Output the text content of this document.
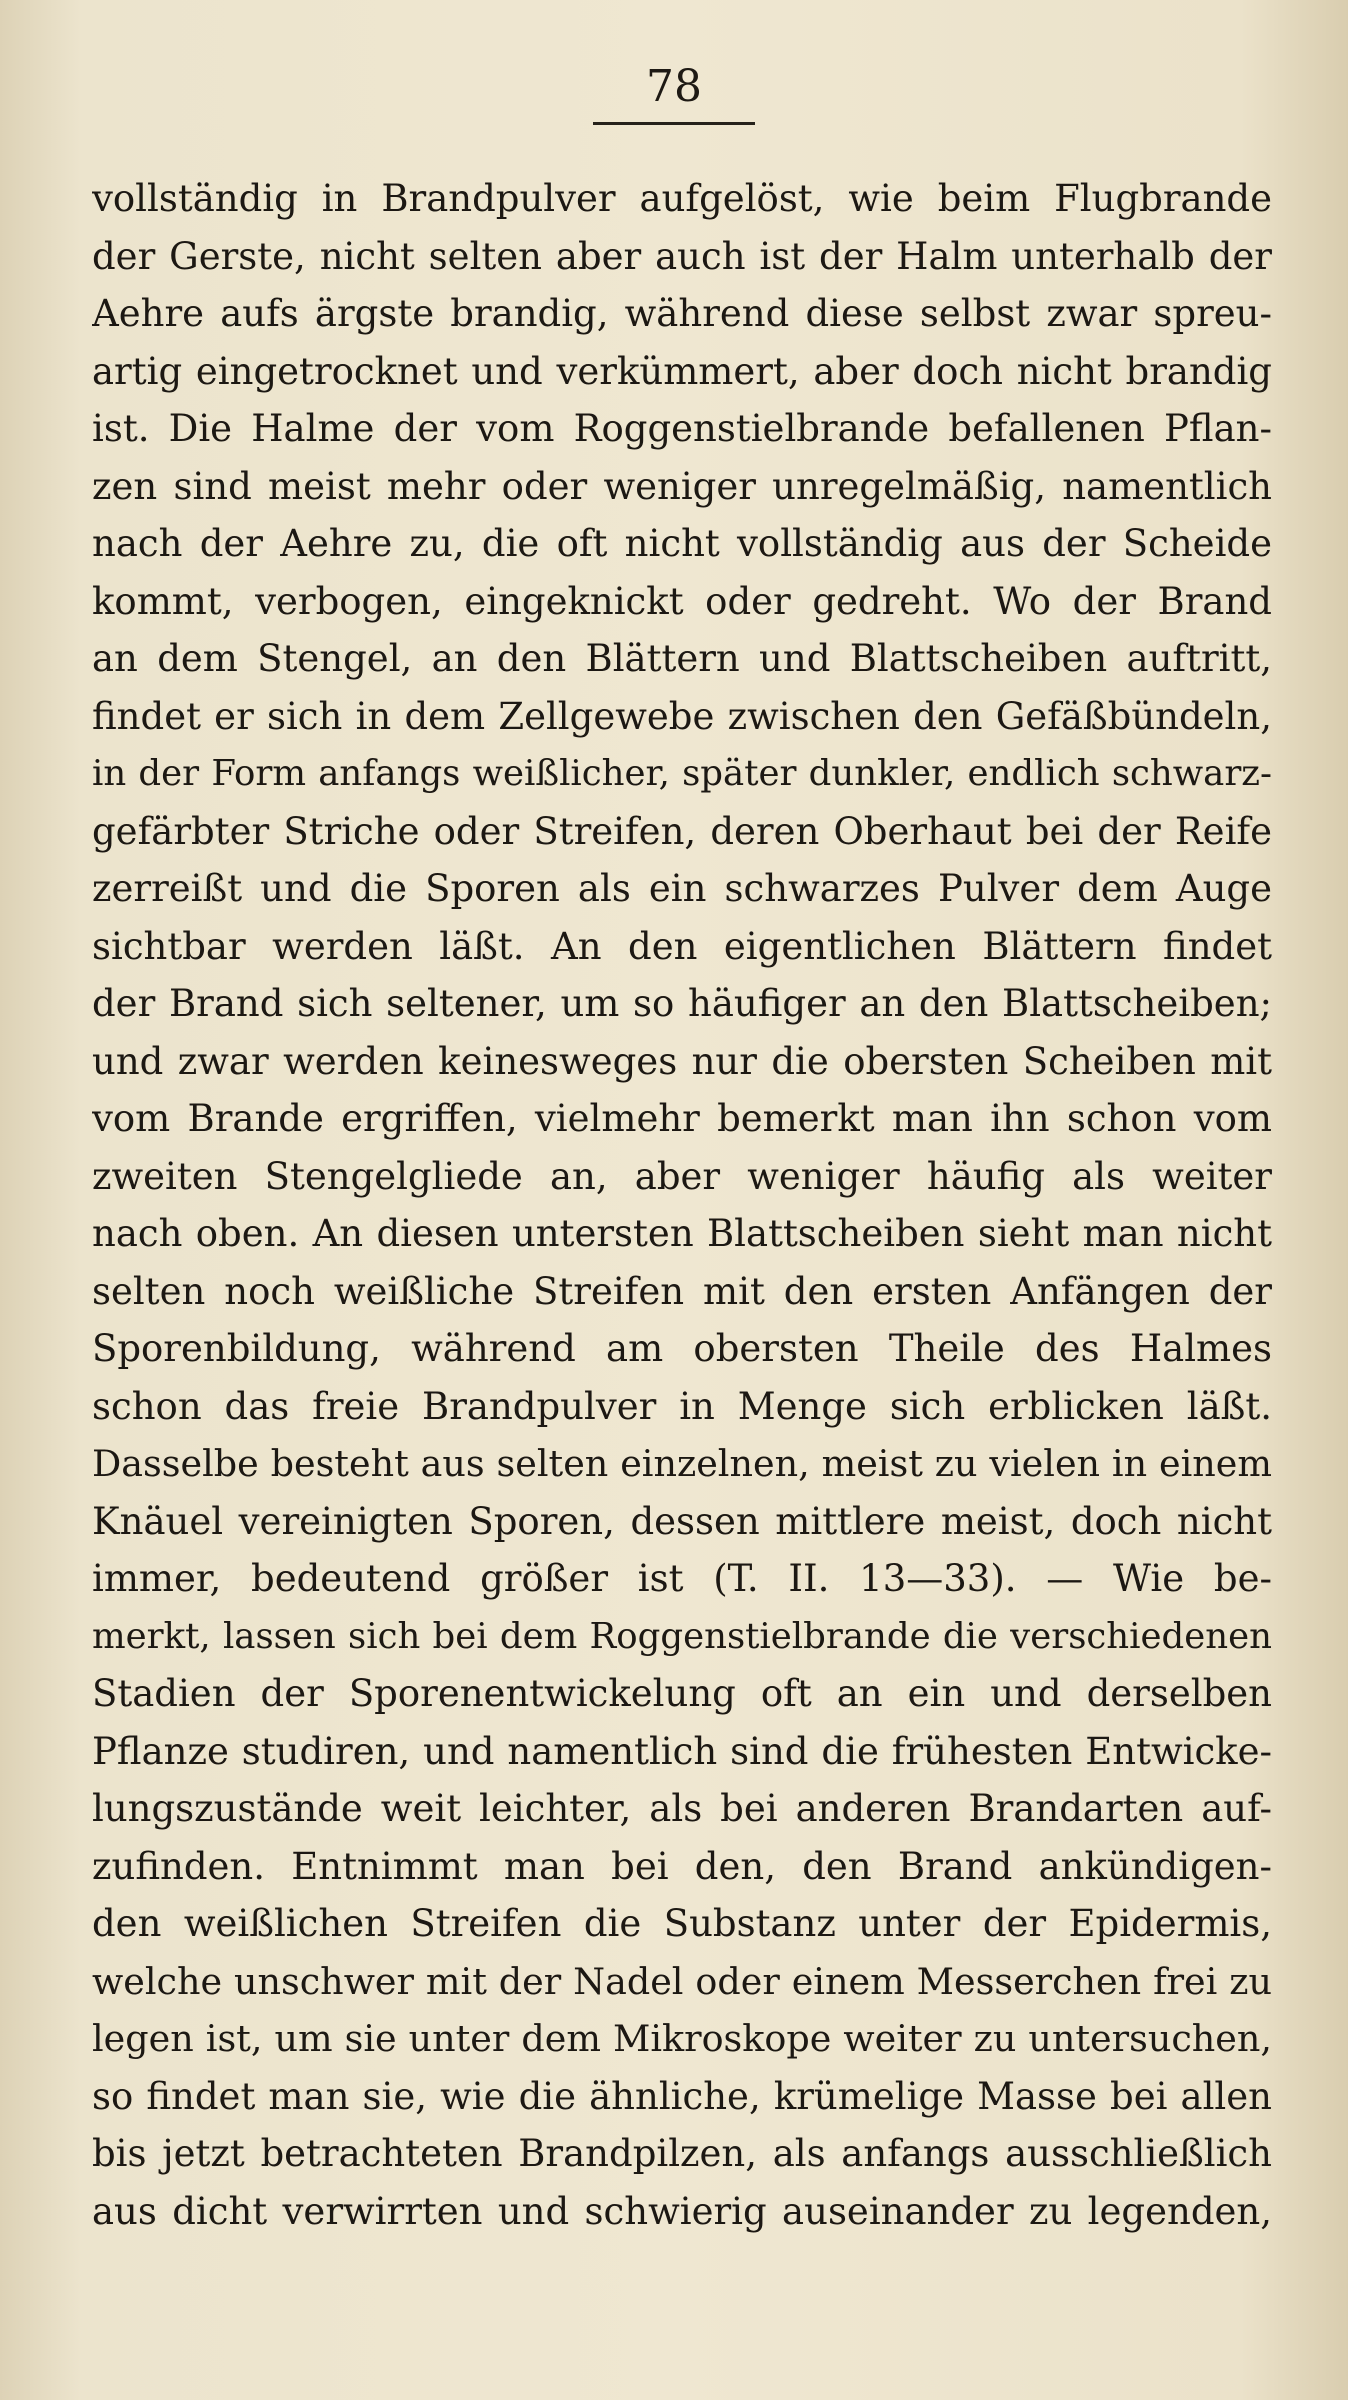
78
vollständig in Brandpulver aufgelöst, wie beim Flugbrande
der Gerste, nicht selten aber auch ist der Halm unterhalb der
Aehre aufs ärgste brandig, während diese selbst zwar spreu-
artig eingetrocknet und verkümmert, aber doch nicht brandig
ist. Die Halme der vom Roggenstielbrande befallenen Pflan-
zen sind meist mehr oder weniger unregelmäßig, namentlich
nach der Aehre zu, die oft nicht vollständig aus der Scheide
kommt, verbogen, eingeknickt oder gedreht. Wo der Brand
an dem Stengel, an den Blättern und Blattscheiben auftritt,
findet er sich in dem Zellgewebe zwischen den Gefäßbündeln,
in der Form anfangs weißlicher, später dunkler, endlich schwarz-
gefärbter Striche oder Streifen, deren Oberhaut bei der Reife
zerreißt und die Sporen als ein schwarzes Pulver dem Auge
sichtbar werden läßt. An den eigentlichen Blättern findet
der Brand sich seltener, um so häufiger an den Blattscheiben;
und zwar werden keinesweges nur die obersten Scheiben mit
vom Brande ergriffen, vielmehr bemerkt man ihn schon vom
zweiten Stengelgliede an, aber weniger häufig als weiter
nach oben. An diesen untersten Blattscheiben sieht man nicht
selten noch weißliche Streifen mit den ersten Anfängen der
Sporenbildung, während am obersten Theile des Halmes
schon das freie Brandpulver in Menge sich erblicken läßt.
Dasselbe besteht aus selten einzelnen, meist zu vielen in einem
Knäuel vereinigten Sporen, dessen mittlere meist, doch nicht
immer, bedeutend größer ist (T. II. 13—33). — Wie be-
merkt, lassen sich bei dem Roggenstielbrande die verschiedenen
Stadien der Sporenentwickelung oft an ein und derselben
Pflanze studiren, und namentlich sind die frühesten Entwicke-
lungszustände weit leichter, als bei anderen Brandarten auf-
zufinden. Entnimmt man bei den, den Brand ankündigen-
den weißlichen Streifen die Substanz unter der Epidermis,
welche unschwer mit der Nadel oder einem Messerchen frei zu
legen ist, um sie unter dem Mikroskope weiter zu untersuchen,
so findet man sie, wie die ähnliche, krümelige Masse bei allen
bis jetzt betrachteten Brandpilzen, als anfangs ausschließlich
aus dicht verwirrten und schwierig auseinander zu legenden,
